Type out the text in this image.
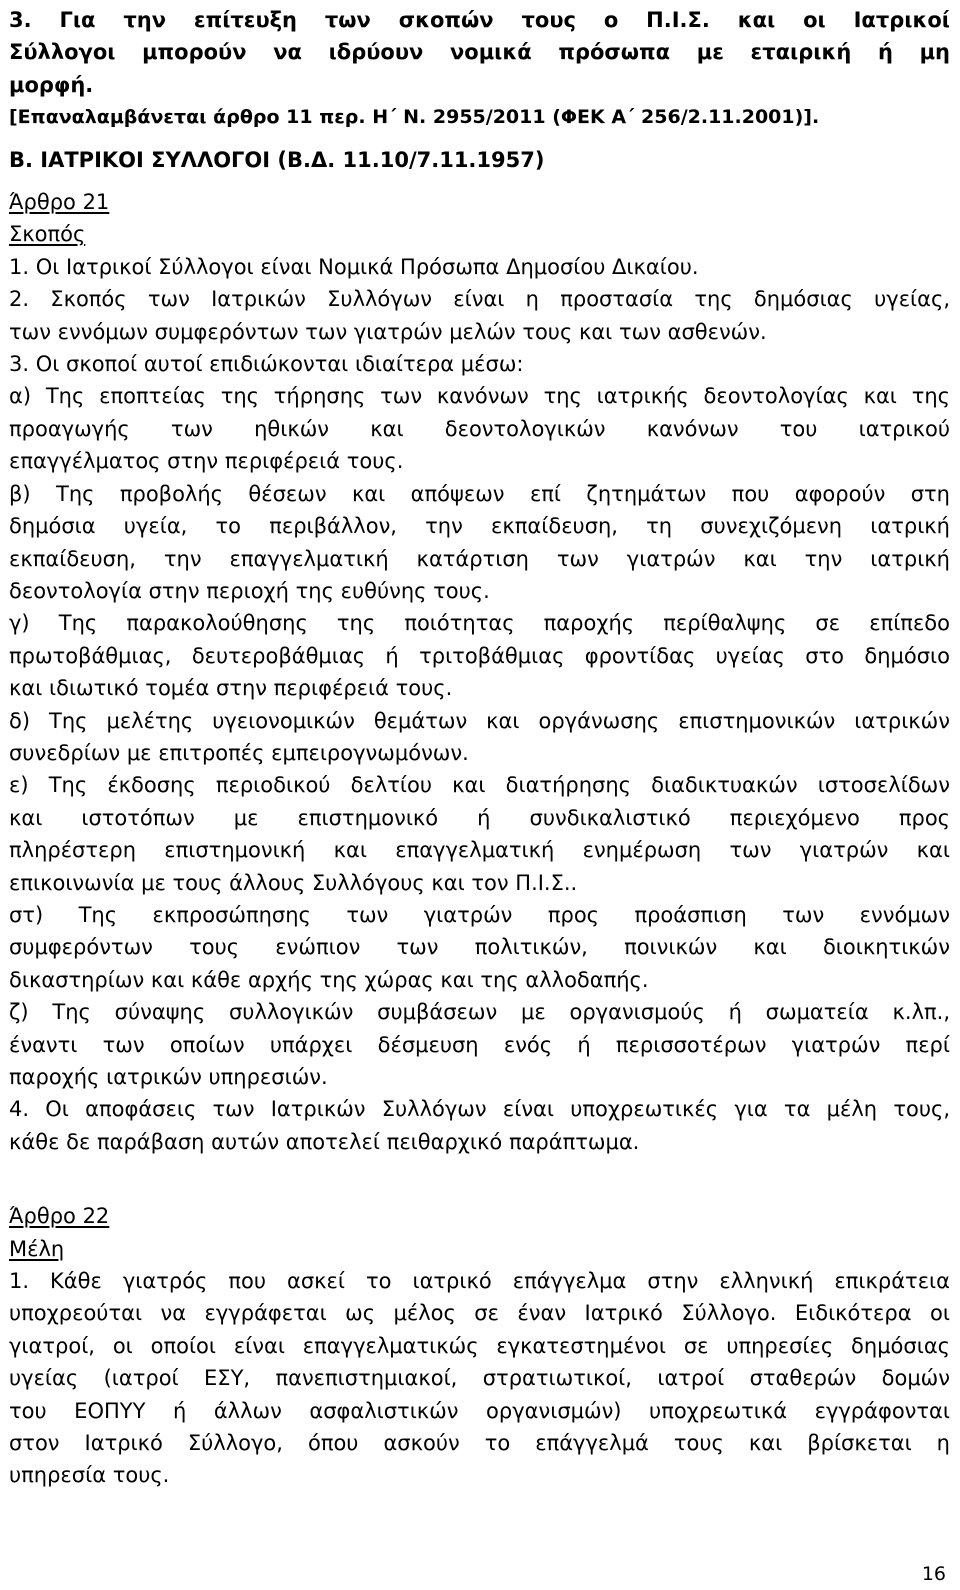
3. Για την επίτευξη των σκοπών τους ο Π.Ι.Σ. και οι Ιατρικοί
Σύλλογοι μπορούν να ιδρύουν νομικά πρόσωπα με εταιρική ή μη
μορφή.
[Επαναλαμβάνεται άρθρο 11 περ. Η΄ Ν. 2955/2011 (ΦΕΚ Α΄ 256/2.11.2001)].
Β. ΙΑΤΡΙΚΟΙ ΣΥΛΛΟΓΟΙ (Β.Δ. 11.10/7.11.1957)
Άρθρο 21
Σκοπός
1. Οι Ιατρικοί Σύλλογοι είναι Νομικά Πρόσωπα Δημοσίου Δικαίου.
2. Σκοπός των Ιατρικών Συλλόγων είναι η προστασία της δημόσιας υγείας,
των εννόμων συμφερόντων των γιατρών μελών τους και των ασθενών.
3. Οι σκοποί αυτοί επιδιώκονται ιδιαίτερα μέσω:
α) Της εποπτείας της τήρησης των κανόνων της ιατρικής δεοντολογίας και της
προαγωγής των ηθικών και δεοντολογικών κανόνων του ιατρικού
επαγγέλματος στην περιφέρειά τους.
β) Της προβολής θέσεων και απόψεων επί ζητημάτων που αφορούν στη
δημόσια υγεία, το περιβάλλον, την εκπαίδευση, τη συνεχιζόμενη ιατρική
εκπαίδευση, την επαγγελματική κατάρτιση των γιατρών και την ιατρική
δεοντολογία στην περιοχή της ευθύνης τους.
γ) Της παρακολούθησης της ποιότητας παροχής περίθαλψης σε επίπεδο
πρωτοβάθμιας, δευτεροβάθμιας ή τριτοβάθμιας φροντίδας υγείας στο δημόσιο
και ιδιωτικό τομέα στην περιφέρειά τους.
δ) Της μελέτης υγειονομικών θεμάτων και οργάνωσης επιστημονικών ιατρικών
συνεδρίων με επιτροπές εμπειρογνωμόνων.
ε) Της έκδοσης περιοδικού δελτίου και διατήρησης διαδικτυακών ιστοσελίδων
και ιστοτόπων με επιστημονικό ή συνδικαλιστικό περιεχόμενο προς
πληρέστερη επιστημονική και επαγγελματική ενημέρωση των γιατρών και
επικοινωνία με τους άλλους Συλλόγους και τον Π.Ι.Σ..
στ) Της εκπροσώπησης των γιατρών προς προάσπιση των εννόμων
συμφερόντων τους ενώπιον των πολιτικών, ποινικών και διοικητικών
δικαστηρίων και κάθε αρχής της χώρας και της αλλοδαπής.
ζ) Της σύναψης συλλογικών συμβάσεων με οργανισμούς ή σωματεία κ.λπ.,
έναντι των οποίων υπάρχει δέσμευση ενός ή περισσοτέρων γιατρών περί
παροχής ιατρικών υπηρεσιών.
4. Οι αποφάσεις των Ιατρικών Συλλόγων είναι υποχρεωτικές για τα μέλη τους,
κάθε δε παράβαση αυτών αποτελεί πειθαρχικό παράπτωμα.
Άρθρο 22
Μέλη
1. Κάθε γιατρός που ασκεί το ιατρικό επάγγελμα στην ελληνική επικράτεια
υποχρεούται να εγγράφεται ως μέλος σε έναν Ιατρικό Σύλλογο. Ειδικότερα οι
γιατροί, οι οποίοι είναι επαγγελματικώς εγκατεστημένοι σε υπηρεσίες δημόσιας
υγείας (ιατροί ΕΣΥ, πανεπιστημιακοί, στρατιωτικοί, ιατροί σταθερών δομών
του ΕΟΠΥΥ ή άλλων ασφαλιστικών οργανισμών) υποχρεωτικά εγγράφονται
στον Ιατρικό Σύλλογο, όπου ασκούν το επάγγελμά τους και βρίσκεται η
υπηρεσία τους.
16
